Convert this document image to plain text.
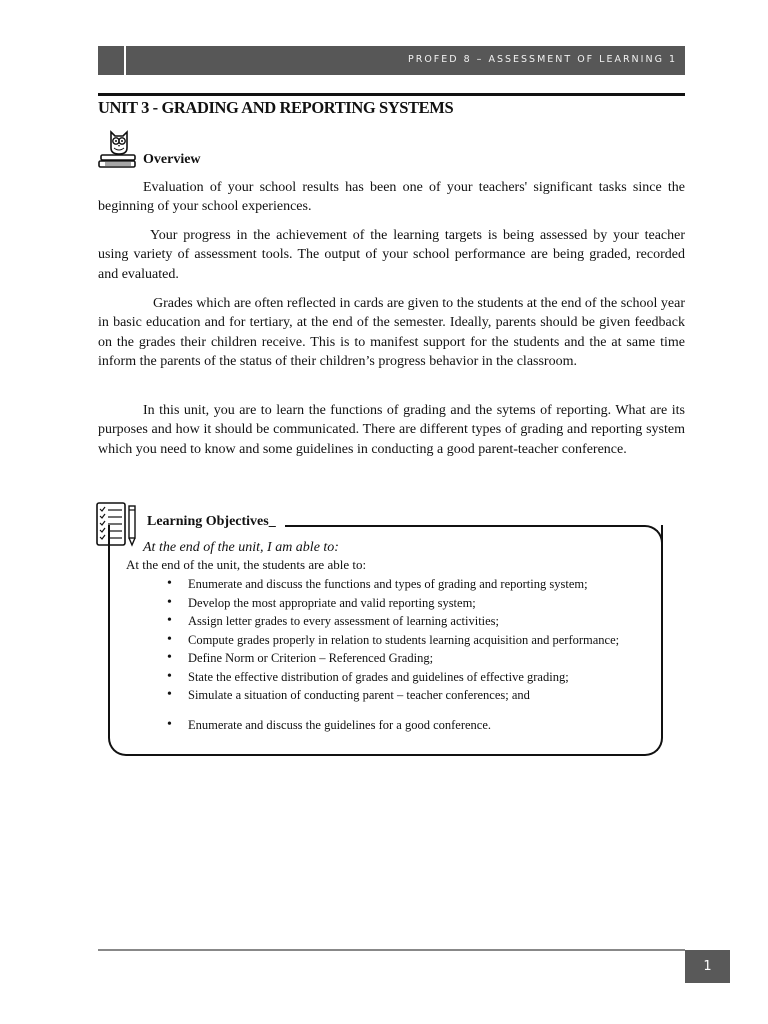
PROFED 8 – ASSESSMENT OF LEARNING 1
UNIT 3 - GRADING AND REPORTING SYSTEMS
Overview

Evaluation of your school results has been one of your teachers' significant tasks since the beginning of your school experiences.

Your progress in the achievement of the learning targets is being assessed by your teacher using variety of assessment tools. The output of your school performance are being graded, recorded and evaluated.

Grades which are often reflected in cards are given to the students at the end of the school year in basic education and for tertiary, at the end of the semester. Ideally, parents should be given feedback on the grades their children receive. This is to manifest support for the students and the at same time inform the parents of the status of their children’s progress behavior in the classroom.

In this unit, you are to learn the functions of grading and the sytems of reporting. What are its purposes and how it should be communicated. There are different types of grading and reporting system which you need to know and some guidelines in conducting a good parent-teacher conference.

Learning Objectives_
At the end of the unit, I am able to:
At the end of the unit, the students are able to:
• Enumerate and discuss the functions and types of grading and reporting system;
• Develop the most appropriate and valid reporting system;
• Assign letter grades to every assessment of learning activities;
• Compute grades properly in relation to students learning acquisition and performance;
• Define Norm or Criterion – Referenced Grading;
• State the effective distribution of grades and guidelines of effective grading;
• Simulate a situation of conducting parent – teacher conferences; and
• Enumerate and discuss the guidelines for a good conference.
1
